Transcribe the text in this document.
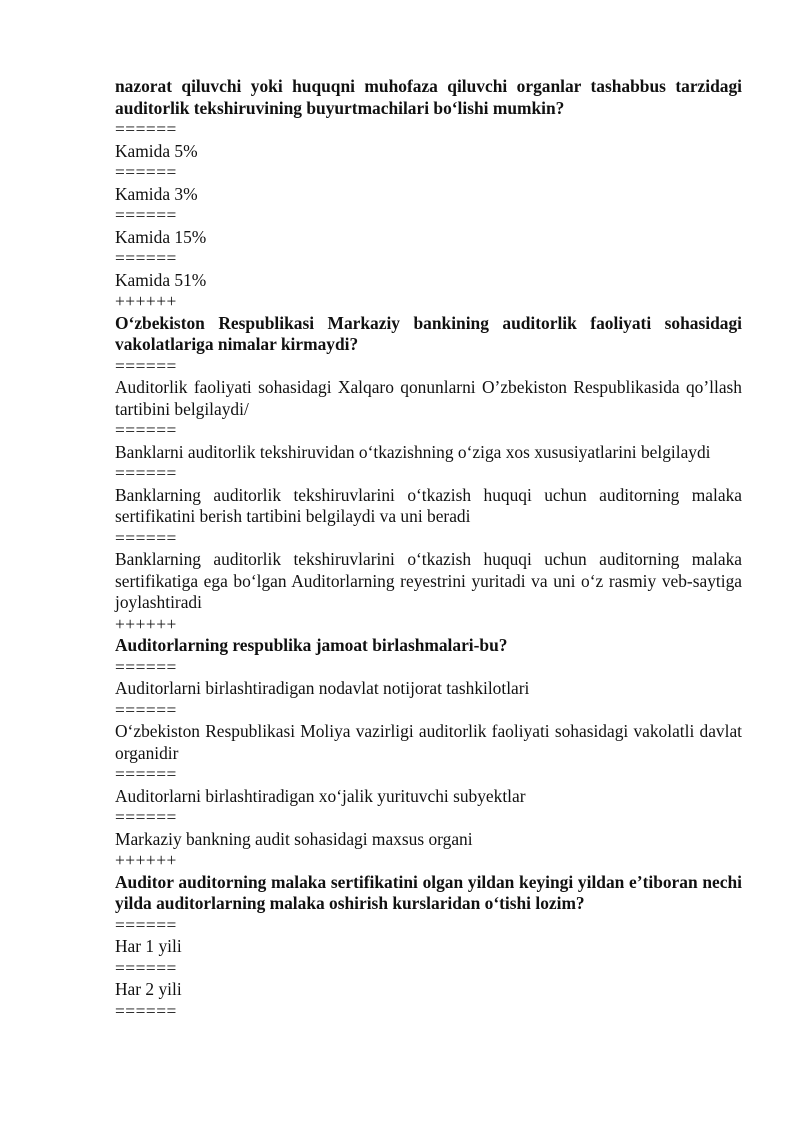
nazorat qiluvchi yoki huquqni muhofaza qiluvchi organlar tashabbus tarzidagi auditorlik tekshiruvining buyurtmachilari bo‘lishi mumkin?

======

Kamida 5%

======

Kamida 3%

======

Kamida 15%

======

Kamida 51%

++++++

O‘zbekiston Respublikasi Markaziy bankining auditorlik faoliyati sohasidagi vakolatlariga nimalar kirmaydi?

======

Auditorlik faoliyati sohasidagi Xalqaro qonunlarni O’zbekiston Respublikasida qo’llash tartibini belgilaydi/

======

Banklarni auditorlik tekshiruvidan o‘tkazishning o‘ziga xos xususiyatlarini belgilaydi

======

Banklarning auditorlik tekshiruvlarini o‘tkazish huquqi uchun auditorning malaka sertifikatini berish tartibini belgilaydi va uni beradi

======

Banklarning auditorlik tekshiruvlarini o‘tkazish huquqi uchun auditorning malaka sertifikatiga ega bo‘lgan Auditorlarning reyestrini yuritadi va uni o‘z rasmiy veb-saytiga joylashtiradi

++++++

Auditorlarning respublika jamoat birlashmalari-bu?

======

Auditorlarni birlashtiradigan nodavlat notijorat tashkilotlari

======

O‘zbekiston Respublikasi Moliya vazirligi auditorlik faoliyati sohasidagi vakolatli davlat organidir

======

Auditorlarni birlashtiradigan xo‘jalik yurituvchi subyektlar

======

Markaziy bankning audit sohasidagi maxsus organi

++++++

Auditor auditorning malaka sertifikatini olgan yildan keyingi yildan e’tiboran nechi yilda auditorlarning malaka oshirish kurslaridan o‘tishi lozim?

======

Har 1 yili

======

Har 2 yili

======
